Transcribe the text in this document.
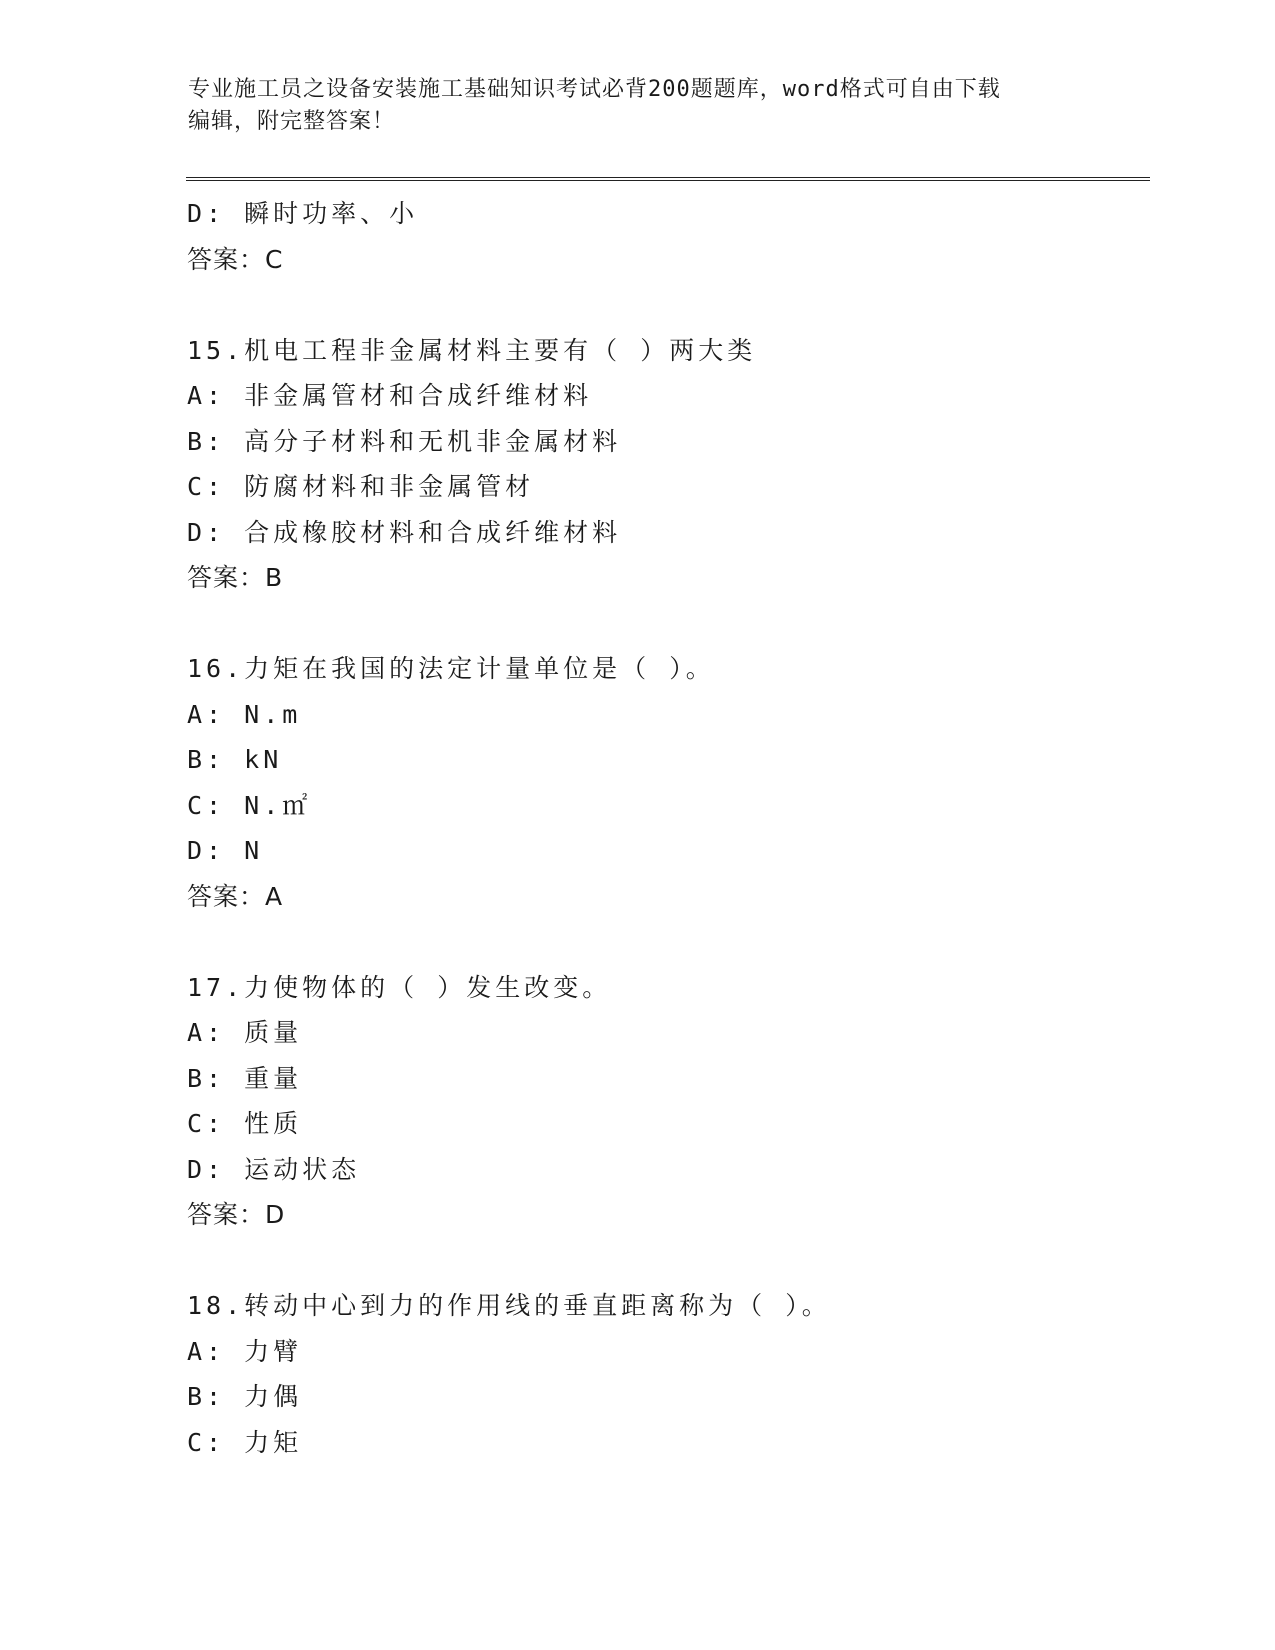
专业施工员之设备安装施工基础知识考试必背200题题库，word格式可自由下载
编辑，附完整答案！
D: 瞬时功率、小
答案：C
15.机电工程非金属材料主要有（ ）两大类
A: 非金属管材和合成纤维材料
B: 高分子材料和无机非金属材料
C: 防腐材料和非金属管材
D: 合成橡胶材料和合成纤维材料
答案：B
16.力矩在我国的法定计量单位是（ ）。
A: N.m
B: kN
C: N.㎡
D: N
答案：A
17.力使物体的（ ）发生改变。
A: 质量
B: 重量
C: 性质
D: 运动状态
答案：D
18.转动中心到力的作用线的垂直距离称为（ ）。
A: 力臂
B: 力偶
C: 力矩
